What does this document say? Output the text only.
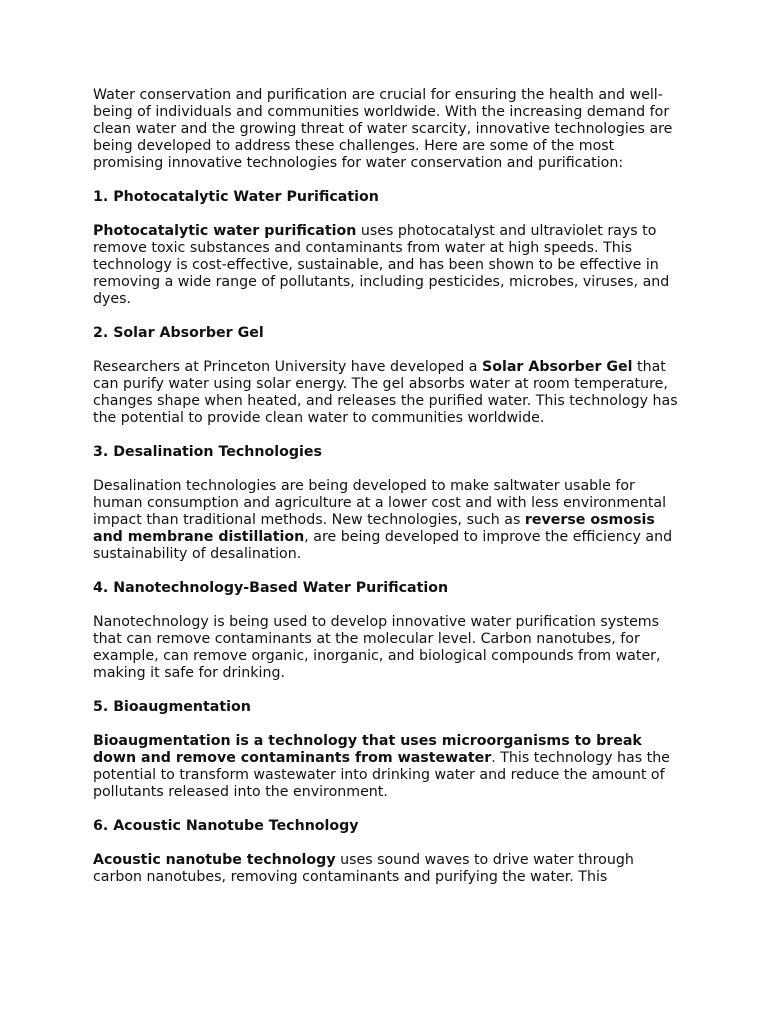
Water conservation and purification are crucial for ensuring the health and well-being of individuals and communities worldwide. With the increasing demand for clean water and the growing threat of water scarcity, innovative technologies are being developed to address these challenges. Here are some of the most promising innovative technologies for water conservation and purification:

1. Photocatalytic Water Purification

Photocatalytic water purification uses photocatalyst and ultraviolet rays to remove toxic substances and contaminants from water at high speeds. This technology is cost-effective, sustainable, and has been shown to be effective in removing a wide range of pollutants, including pesticides, microbes, viruses, and dyes.

2. Solar Absorber Gel

Researchers at Princeton University have developed a Solar Absorber Gel that can purify water using solar energy. The gel absorbs water at room temperature, changes shape when heated, and releases the purified water. This technology has the potential to provide clean water to communities worldwide.

3. Desalination Technologies

Desalination technologies are being developed to make saltwater usable for human consumption and agriculture at a lower cost and with less environmental impact than traditional methods. New technologies, such as reverse osmosis and membrane distillation, are being developed to improve the efficiency and sustainability of desalination.

4. Nanotechnology-Based Water Purification

Nanotechnology is being used to develop innovative water purification systems that can remove contaminants at the molecular level. Carbon nanotubes, for example, can remove organic, inorganic, and biological compounds from water, making it safe for drinking.

5. Bioaugmentation

Bioaugmentation is a technology that uses microorganisms to break down and remove contaminants from wastewater. This technology has the potential to transform wastewater into drinking water and reduce the amount of pollutants released into the environment.

6. Acoustic Nanotube Technology

Acoustic nanotube technology uses sound waves to drive water through carbon nanotubes, removing contaminants and purifying the water. This
